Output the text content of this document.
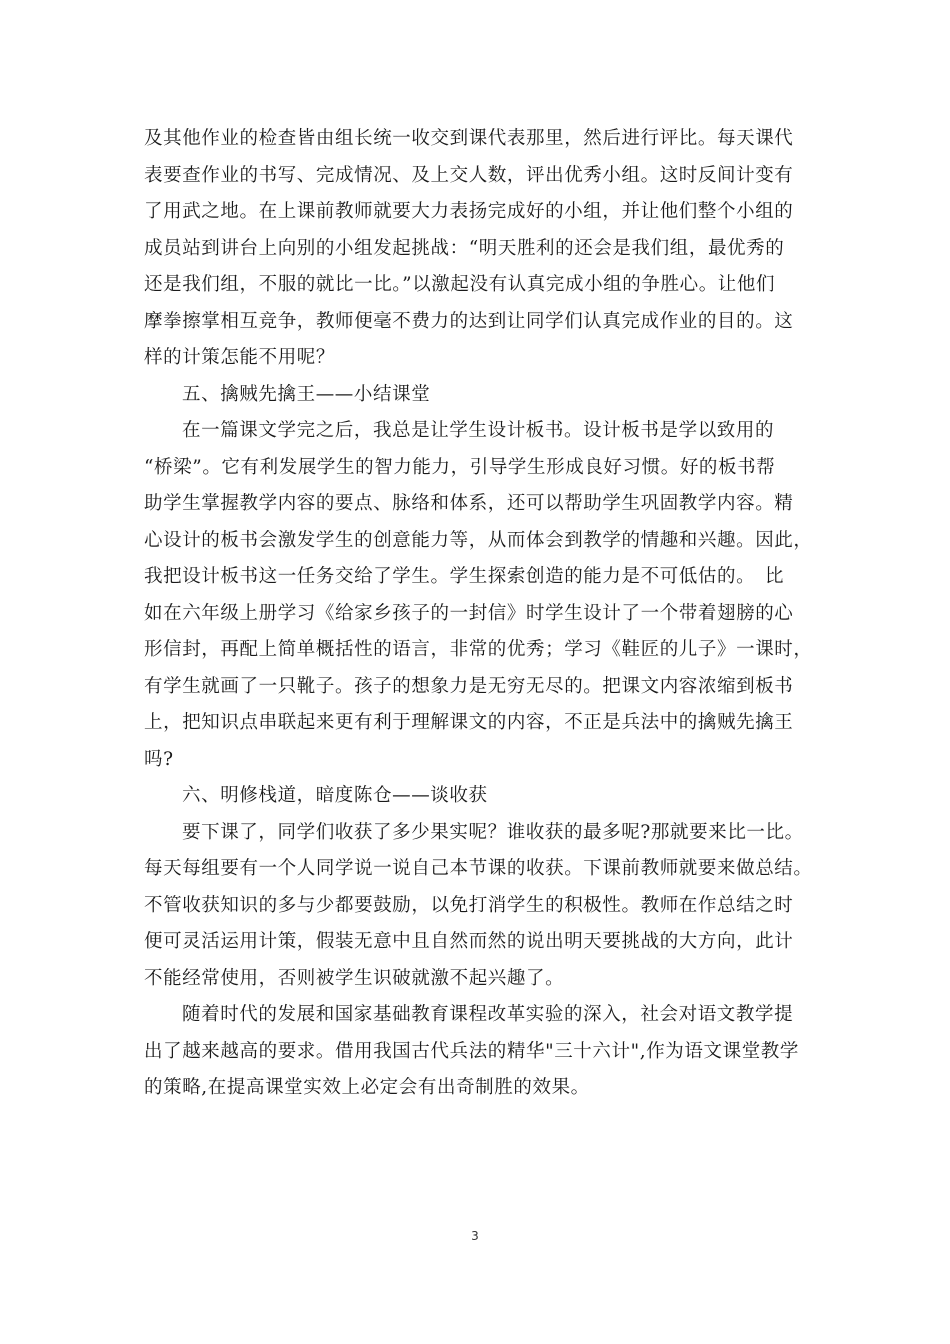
及其他作业的检查皆由组长统一收交到课代表那里，然后进行评比。每天课代
表要查作业的书写、完成情况、及上交人数，评出优秀小组。这时反间计变有
了用武之地。在上课前教师就要大力表扬完成好的小组，并让他们整个小组的
成员站到讲台上向别的小组发起挑战：“明天胜利的还会是我们组，最优秀的
还是我们组，不服的就比一比。”以激起没有认真完成小组的争胜心。让他们
摩拳擦掌相互竞争，教师便毫不费力的达到让同学们认真完成作业的目的。这
样的计策怎能不用呢？
五、擒贼先擒王——小结课堂
在一篇课文学完之后，我总是让学生设计板书。设计板书是学以致用的
“桥梁”。它有利发展学生的智力能力，引导学生形成良好习惯。好的板书帮
助学生掌握教学内容的要点、脉络和体系，还可以帮助学生巩固教学内容。精
心设计的板书会激发学生的创意能力等，从而体会到教学的情趣和兴趣。因此，
我把设计板书这一任务交给了学生。学生探索创造的能力是不可低估的。　比
如在六年级上册学习《给家乡孩子的一封信》时学生设计了一个带着翅膀的心
形信封，再配上简单概括性的语言，非常的优秀；学习《鞋匠的儿子》一课时，
有学生就画了一只靴子。孩子的想象力是无穷无尽的。把课文内容浓缩到板书
上，把知识点串联起来更有利于理解课文的内容，不正是兵法中的擒贼先擒王
吗?
六、明修栈道，暗度陈仓——谈收获
要下课了，同学们收获了多少果实呢？谁收获的最多呢?那就要来比一比。
每天每组要有一个人同学说一说自己本节课的收获。下课前教师就要来做总结。
不管收获知识的多与少都要鼓励，以免打消学生的积极性。教师在作总结之时
便可灵活运用计策，假装无意中且自然而然的说出明天要挑战的大方向，此计
不能经常使用，否则被学生识破就激不起兴趣了。
随着时代的发展和国家基础教育课程改革实验的深入，社会对语文教学提
出了越来越高的要求。借用我国古代兵法的精华"三十六计",作为语文课堂教学
的策略,在提高课堂实效上必定会有出奇制胜的效果。
3
